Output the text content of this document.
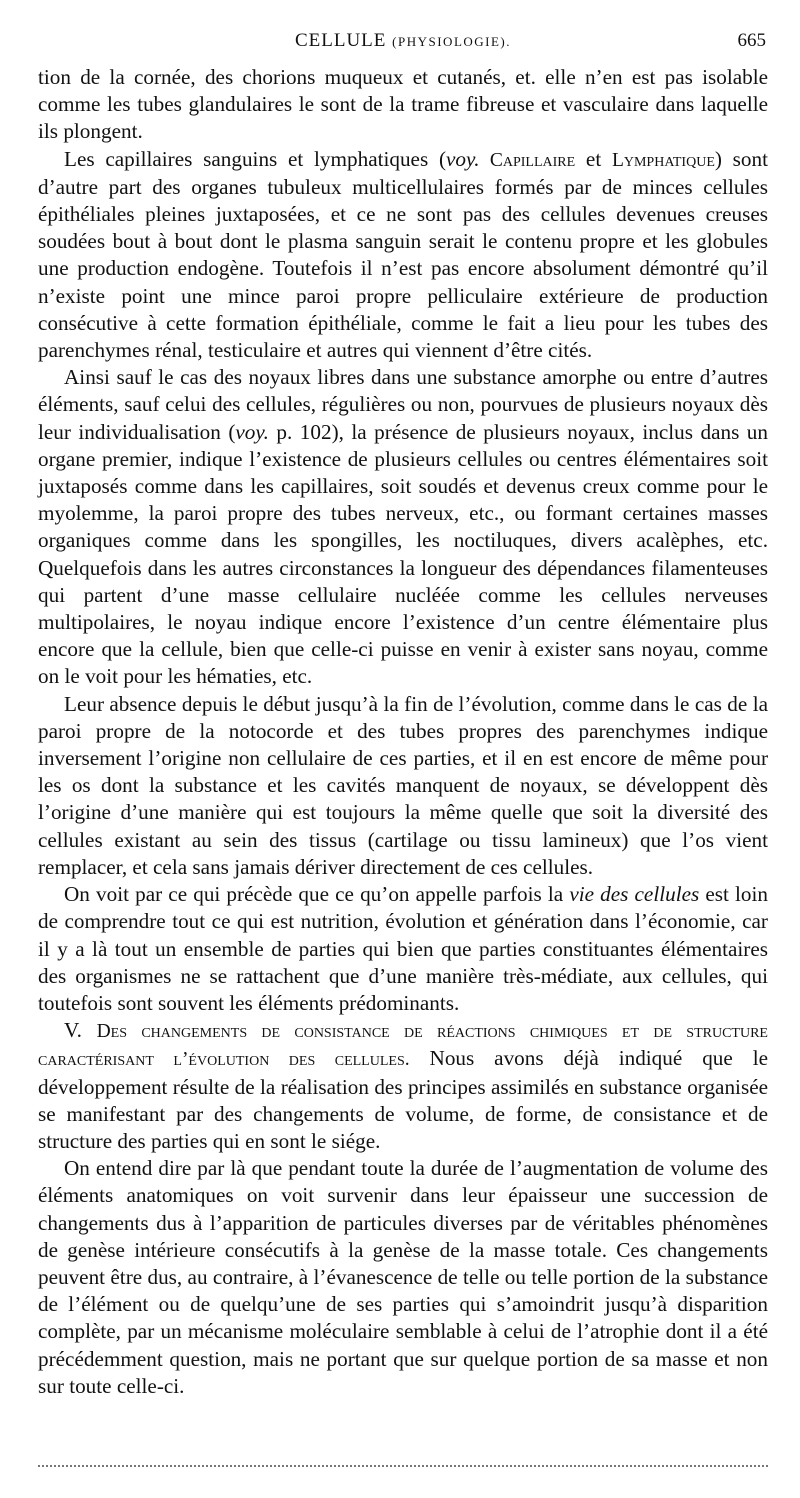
CELLULE (PHYSIOLOGIE).	665

tion de la cornée, des chorions muqueux et cutanés, et. elle n’en est pas isolable comme les tubes glandulaires le sont de la trame fibreuse et vasculaire dans laquelle ils plongent.

Les capillaires sanguins et lymphatiques (voy. Capillaire et Lymphatique) sont d’autre part des organes tubuleux multicellulaires formés par de minces cellules épithéliales pleines juxtaposées, et ce ne sont pas des cellules devenues creuses soudées bout à bout dont le plasma sanguin serait le contenu propre et les globules une production endogène. Toutefois il n’est pas encore absolument démontré qu’il n’existe point une mince paroi propre pelliculaire extérieure de production consécutive à cette formation épithéliale, comme le fait a lieu pour les tubes des parenchymes rénal, testiculaire et autres qui viennent d’être cités.

Ainsi sauf le cas des noyaux libres dans une substance amorphe ou entre d’autres éléments, sauf celui des cellules, régulières ou non, pourvues de plusieurs noyaux dès leur individualisation (voy. p. 102), la présence de plusieurs noyaux, inclus dans un organe premier, indique l’existence de plusieurs cellules ou centres élémentaires soit juxtaposés comme dans les capillaires, soit soudés et devenus creux comme pour le myolemme, la paroi propre des tubes nerveux, etc., ou formant certaines masses organiques comme dans les spongilles, les noctiluques, divers acalèphes, etc. Quelquefois dans les autres circonstances la longueur des dépendances filamenteuses qui partent d’une masse cellulaire nucléée comme les cellules nerveuses multipolaires, le noyau indique encore l’existence d’un centre élémentaire plus encore que la cellule, bien que celle-ci puisse en venir à exister sans noyau, comme on le voit pour les hématies, etc.

Leur absence depuis le début jusqu’à la fin de l’évolution, comme dans le cas de la paroi propre de la notocorde et des tubes propres des parenchymes indique inversement l’origine non cellulaire de ces parties, et il en est encore de même pour les os dont la substance et les cavités manquent de noyaux, se développent dès l’origine d’une manière qui est toujours la même quelle que soit la diversité des cellules existant au sein des tissus (cartilage ou tissu lamineux) que l’os vient remplacer, et cela sans jamais dériver directement de ces cellules.

On voit par ce qui précède que ce qu’on appelle parfois la vie des cellules est loin de comprendre tout ce qui est nutrition, évolution et génération dans l’économie, car il y a là tout un ensemble de parties qui bien que parties constituantes élémentaires des organismes ne se rattachent que d’une manière très-médiate, aux cellules, qui toutefois sont souvent les éléments prédominants.

V. Des changements de consistance de réactions chimiques et de structure caractérisant l’évolution des cellules. Nous avons déjà indiqué que le développement résulte de la réalisation des principes assimilés en substance organisée se manifestant par des changements de volume, de forme, de consistance et de structure des parties qui en sont le siége.

On entend dire par là que pendant toute la durée de l’augmentation de volume des éléments anatomiques on voit survenir dans leur épaisseur une succession de changements dus à l’apparition de particules diverses par de véritables phénomènes de genèse intérieure consécutifs à la genèse de la masse totale. Ces changements peuvent être dus, au contraire, à l’évanescence de telle ou telle portion de la substance de l’élément ou de quelqu’une de ses parties qui s’amoindrit jusqu’à disparition complète, par un mécanisme moléculaire semblable à celui de l’atrophie dont il a été précédemment question, mais ne portant que sur quelque portion de sa masse et non sur toute celle-ci.
